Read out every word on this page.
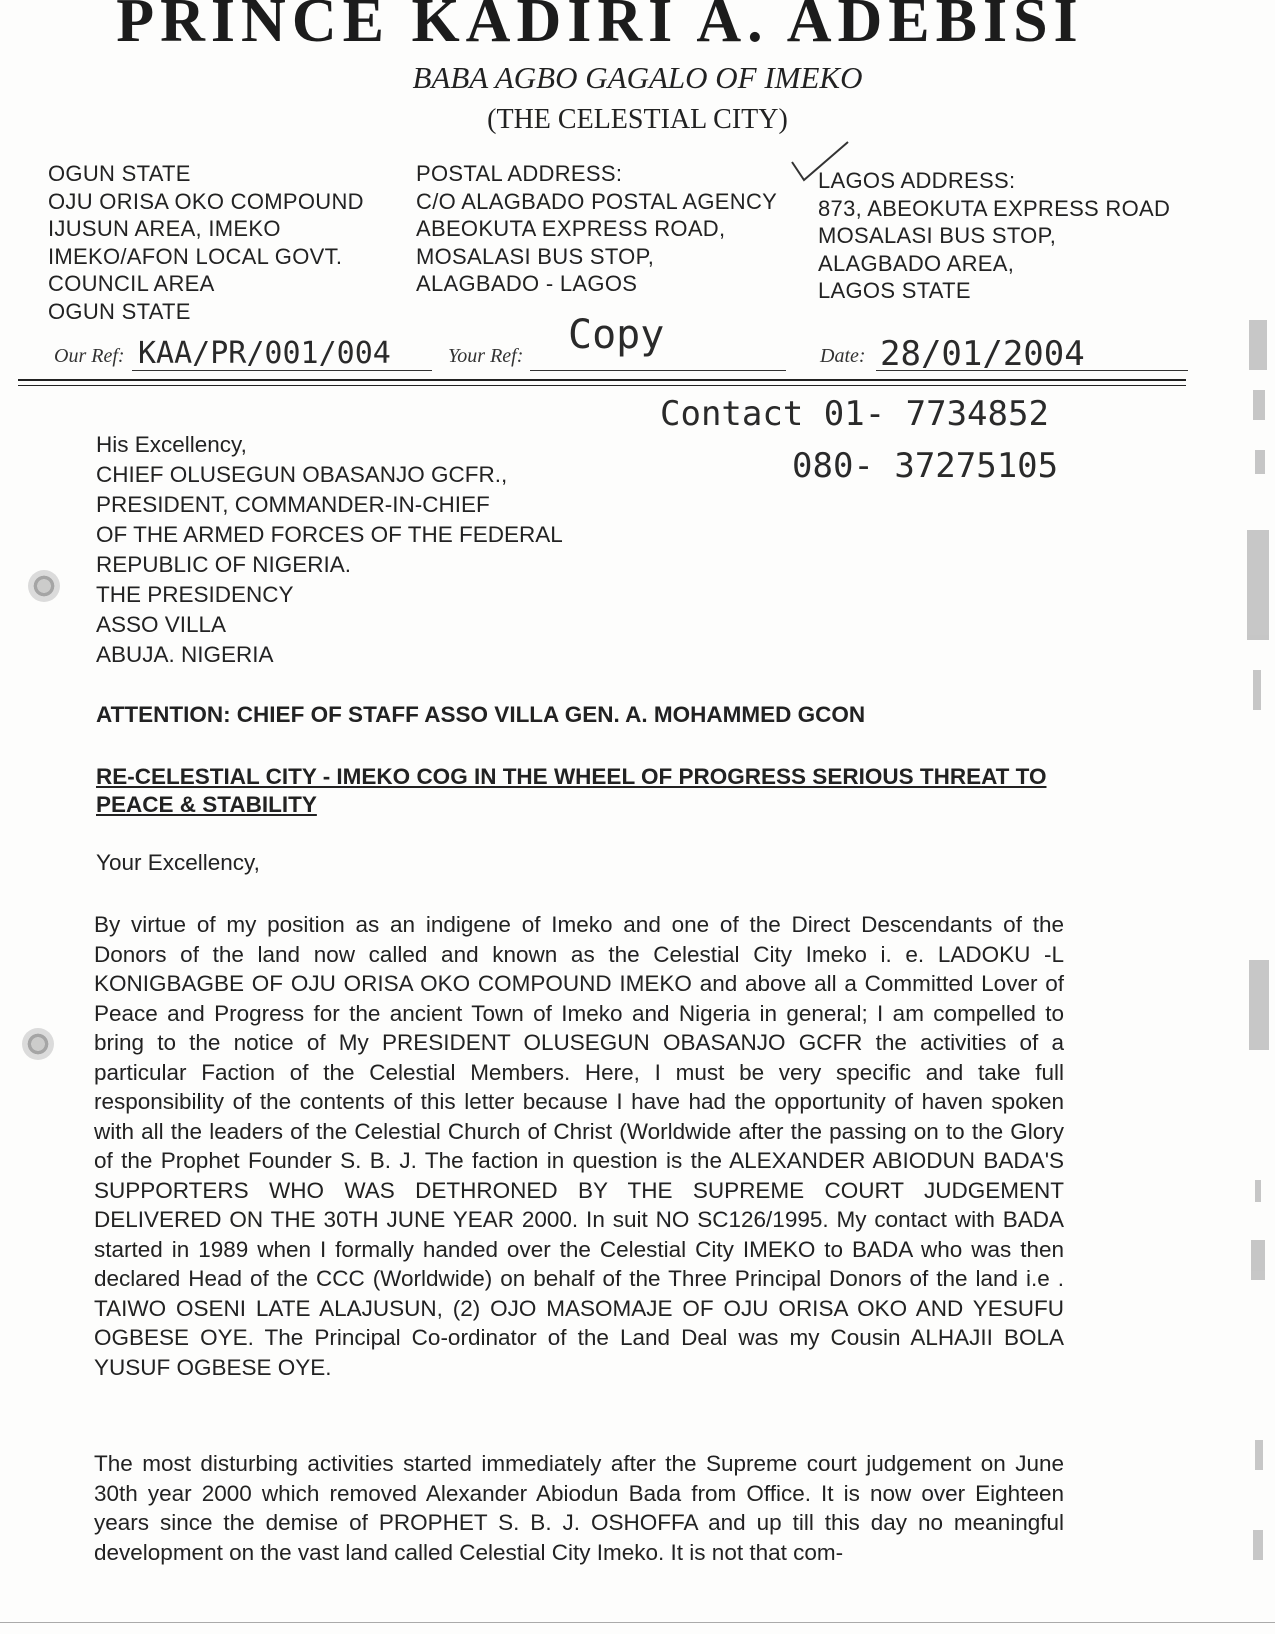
PRINCE KADIRI A. ADEBISI
BABA AGBO GAGALO OF IMEKO
(THE CELESTIAL CITY)
OGUN STATE
OJU ORISA OKO COMPOUND
IJUSUN AREA, IMEKO
IMEKO/AFON LOCAL GOVT.
COUNCIL AREA
OGUN STATE
POSTAL ADDRESS:
C/O ALAGBADO POSTAL AGENCY
ABEOKUTA EXPRESS ROAD,
MOSALASI BUS STOP,
ALAGBADO - LAGOS
LAGOS ADDRESS:
873, ABEOKUTA EXPRESS ROAD
MOSALASI BUS STOP,
ALAGBADO AREA,
LAGOS STATE
Our Ref: KAA/PR/001/004	Your Ref: Copy	Date: 28/01/2004
Contact 01- 7734852
080- 37275105
His Excellency,
CHIEF OLUSEGUN OBASANJO GCFR.,
PRESIDENT, COMMANDER-IN-CHIEF
OF THE ARMED FORCES OF THE FEDERAL
REPUBLIC OF NIGERIA.
THE PRESIDENCY
ASSO VILLA
ABUJA. NIGERIA
ATTENTION: CHIEF OF STAFF ASSO VILLA GEN. A. MOHAMMED GCON
RE-CELESTIAL CITY - IMEKO COG IN THE WHEEL OF PROGRESS SERIOUS THREAT TO PEACE & STABILITY
Your Excellency,
By virtue of my position as an indigene of Imeko and one of the Direct Descendants of the Donors of the land now called and known as the Celestial City Imeko i. e. LADOKU -L KONIGBAGBE OF OJU ORISA OKO COMPOUND IMEKO and above all a Committed Lover of Peace and Progress for the ancient Town of Imeko and Nigeria in general; I am compelled to bring to the notice of My PRESIDENT OLUSEGUN OBASANJO GCFR the activities of a particular Faction of the Celestial Members. Here, I must be very specific and take full responsibility of the contents of this letter because I have had the opportunity of haven spoken with all the leaders of the Celestial Church of Christ (Worldwide after the passing on to the Glory of the Prophet Founder S. B. J. The faction in question is the ALEXANDER ABIODUN BADA'S SUPPORTERS WHO WAS DETHRONED BY THE SUPREME COURT JUDGEMENT DELIVERED ON THE 30TH JUNE YEAR 2000. In suit NO SC126/1995. My contact with BADA started in 1989 when I formally handed over the Celestial City IMEKO to BADA who was then declared Head of the CCC (Worldwide) on behalf of the Three Principal Donors of the land i.e . TAIWO OSENI LATE ALAJUSUN, (2) OJO MASOMAJE OF OJU ORISA OKO AND YESUFU OGBESE OYE. The Principal Co-ordinator of the Land Deal was my Cousin ALHAJII BOLA YUSUF OGBESE OYE.
The most disturbing activities started immediately after the Supreme court judgement on June 30th year 2000 which removed Alexander Abiodun Bada from Office. It is now over Eighteen years since the demise of PROPHET S. B. J. OSHOFFA and up till this day no meaningful development on the vast land called Celestial City Imeko. It is not that com-
